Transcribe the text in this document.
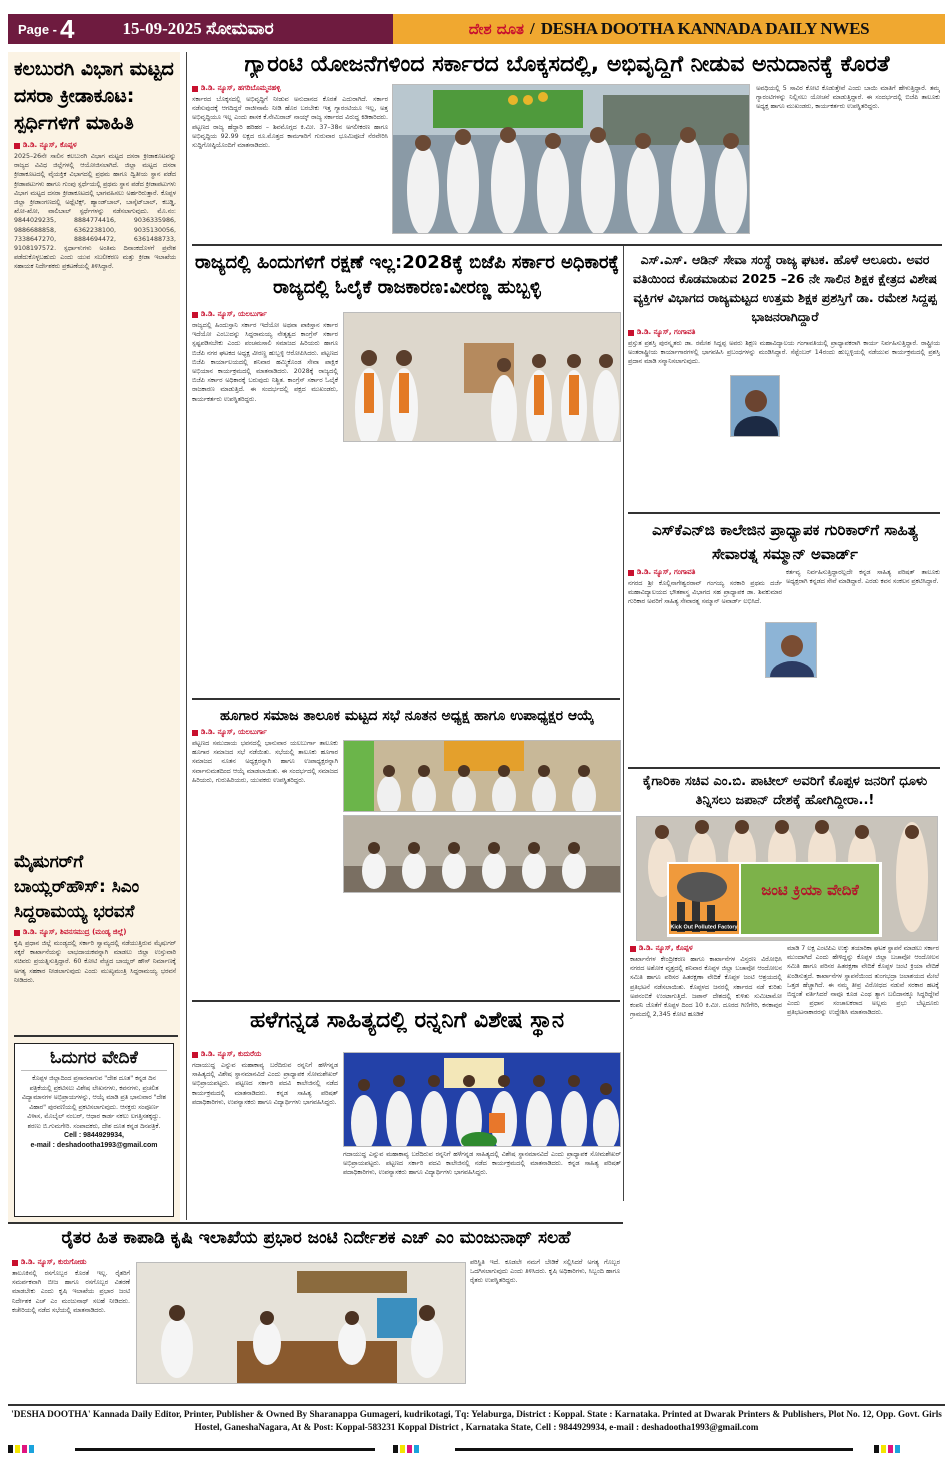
Page - 4	15-09-2025 ಸೋಮವಾರ	ದೇಶ ದೂತ / DESHA DOOTHA KANNADA DAILY NWES
ಕಲಬುರಗಿ ವಿಭಾಗ ಮಟ್ಟದ ದಸರಾ ಕ್ರೀಡಾಕೂಟ: ಸ್ಪರ್ಧಿಗಳಿಗೆ ಮಾಹಿತಿ
ಡಿ.ಡಿ. ನ್ಯೂಸ್, ಕೊಪ್ಪಳ
2025–26ನೇ ಸಾಲಿನ ಕಲಬುರಗಿ ವಿಭಾಗ ಮಟ್ಟದ ದಸರಾ ಕ್ರೀಡಾಕೂಟವನ್ನು ರಾಜ್ಯದ ವಿವಿಧ ಜಿಲ್ಲೆಗಳಲ್ಲಿ ಆಯೋಜಿಸಲಾಗಿದೆ. ಜಿಲ್ಲಾ ಮಟ್ಟದ ದಸರಾ ಕ್ರೀಡಾಕೂಟದಲ್ಲಿ ವೈಯಕ್ತಿಕ ವಿಭಾಗದಲ್ಲಿ ಪ್ರಥಮ ಹಾಗೂ ದ್ವಿತೀಯ ಸ್ಥಾನ ಪಡೆದ ಕ್ರೀಡಾಪಟುಗಳು ಹಾಗೂ ಗುಂಪು ಸ್ಪರ್ಧೆಯಲ್ಲಿ ಪ್ರಥಮ ಸ್ಥಾನ ಪಡೆದ ಕ್ರೀಡಾಪಟುಗಳು ವಿಭಾಗ ಮಟ್ಟದ ದಸರಾ ಕ್ರೀಡಾಕೂಟದಲ್ಲಿ ಭಾಗವಹಿಸಲು ಅರ್ಹರಿರುತ್ತಾರೆ. ಕೊಪ್ಪಳ ಜಿಲ್ಲಾ ಕ್ರೀಡಾಂಗಣದಲ್ಲಿ ಅಥ್ಲೆಟಿಕ್ಸ್, ಹ್ಯಾಂಡ್‌ಬಾಲ್, ಬಾಸ್ಕೆಟ್‌ಬಾಲ್, ಕಬಡ್ಡಿ, ಖೋ-ಖೋ, ವಾಲಿಬಾಲ್ ಸ್ಪರ್ಧೆಗಳನ್ನು ನಡೆಸಲಾಗುವುದು. ಮೊ.ನಂ: 9844029235, 8884774416, 9036335986, 9886688858, 6362238100, 9035130056, 7338647270, 8884694472, 6361488733, 9108197572. ಸ್ಪರ್ಧಾಳುಗಳು ಅಂತಿಮ ದಿನಾಂಕದೊಳಗೆ ಪ್ರವೇಶ ಪಡೆದುಕೊಳ್ಳಬಹುದು ಎಂದು ಯುವ ಸಬಲೀಕರಣ ಮತ್ತು ಕ್ರೀಡಾ ಇಲಾಖೆಯ ಸಹಾಯಕ ನಿರ್ದೇಶಕರು ಪ್ರಕಟಣೆಯಲ್ಲಿ ತಿಳಿಸಿದ್ದಾರೆ.
ಮೈಷುಗರ್‌ಗೆ ಬಾಯ್ಲರ್‌ಹೌಸ್: ಸಿಎಂ ಸಿದ್ದರಾಮಯ್ಯ ಭರವಸೆ
ಡಿ.ಡಿ. ನ್ಯೂಸ್, ಶಿವನಸಮುದ್ರ (ಮಂಡ್ಯ ಜಿಲ್ಲೆ)
ಕೃಷಿ ಪ್ರಧಾನ ಜಿಲ್ಲೆ ಮಂಡ್ಯದಲ್ಲಿ ಸರ್ಕಾರಿ ಸ್ವಾಮ್ಯದಲ್ಲಿ ನಡೆಯುತ್ತಿರುವ ಮೈಷುಗರ್ ಸಕ್ಕರೆ ಕಾರ್ಖಾನೆಯನ್ನು ಲಾಭದಾಯಕವನ್ನಾಗಿ ಮಾಡಲು ಜಿಲ್ಲಾ ಉಸ್ತುವಾರಿ ಸಚಿವರು ಪ್ರಯತ್ನಿಸುತ್ತಿದ್ದಾರೆ. 60 ಕೋಟಿ ವೆಚ್ಚದ ಬಾಯ್ಲರ್ ಹೌಸ್ ನಿರ್ಮಾಣಕ್ಕೆ ಅಗತ್ಯ ಸಹಕಾರ ನೀಡಲಾಗುವುದು ಎಂದು ಮುಖ್ಯಮಂತ್ರಿ ಸಿದ್ದರಾಮಯ್ಯ ಭರವಸೆ ನೀಡಿದರು.
ಓದುಗರ ವೇದಿಕೆ
ಕೊಪ್ಪಳ ಜಿಲ್ಲಾದಿಂದ ಪ್ರಸಾರವಾಗುವ "ದೇಶ ದೂತ" ಕನ್ನಡ ದಿನ ಪತ್ರಿಕೆಯಲ್ಲಿ ಪ್ರಕಟಿಸಲು ವಿಶೇಷ ಲೇಖನಗಳು, ಕವನಗಳು, ಪ್ರಚಲಿತ ವಿದ್ಯಾಮಾನಗಳ ಅಭಿಪ್ರಾಯಗಳನ್ನು, ಆಯ್ಕೆ ಮಾಡಿ ಪ್ರತಿ ಭಾನುವಾರ "ದೇಶ ವಿಹಾರ" ಪುರವಣಿಯಲ್ಲಿ ಪ್ರಕಟಿಸಲಾಗುವುದು. ಆಸಕ್ತರು ಸಂಪೂರ್ಣ ವಿಳಾಸ, ಮೊಬೈಲ್ ನಂಬರ್, ಆಧಾರ ಕಾರ್ಡ ನಕಲು ಲಗತ್ತಿಸತಕ್ಕದ್ದು. ಶರಣು ಬಿ.ಗುಮಗೇರಿ. ಸಂಪಾದಕರು, ದೇಶ ದೂತ ಕನ್ನಡ ದಿನಪತ್ರಿಕೆ.
Cell : 9844929934,
e-mail : deshadootha1993@gmail.com
ಗ್ಯಾರಂಟಿ ಯೋಜನೆಗಳಿಂದ ಸರ್ಕಾರದ ಬೊಕ್ಕಸದಲ್ಲಿ, ಅಭಿವೃದ್ಧಿಗೆ ನೀಡುವ ಅನುದಾನಕ್ಕೆ ಕೊರತೆ
ಡಿ.ಡಿ. ನ್ಯೂಸ್, ಹಗರಿಬೊಮ್ಮನಹಳ್ಳಿ
ಸರ್ಕಾರದ ಬೊಕ್ಕಸದಲ್ಲಿ ಅಭಿವೃದ್ಧಿಗೆ ನೀಡುವ ಅನುದಾನದ ಕೊರತೆ ಎದುರಾಗಿದೆ. ಸರ್ಕಾರ ನಡೆಸುವುದಕ್ಕೆ ಆಗದಿದ್ದರೆ ರಾಜೀನಾಮೆ ನೀಡಿ ಹೊರ ಬರಬೇಕು ಇತ್ತ ಗ್ಯಾರಂಟಿಯೂ ಇಲ್ಲ, ಅತ್ತ ಅಭಿವೃದ್ಧಿಯೂ ಇಲ್ಲ ಎಂದು ಶಾಸಕ ಕೆ.ನೇಮಿರಾಜ್ ನಾಯ್ಕ್ ರಾಜ್ಯ ಸರ್ಕಾರದ ವಿರುದ್ಧ ಕಿಡಿಕಾರಿದರು. ಪಟ್ಟಣದ ರಾಜ್ಯ ಹೆದ್ದಾರಿ ಹರಿಹರ – ಶಿವಮೊಗ್ಗದ ಕಿ.ಮೀ. 37–38ನ ಅಗಲೀಕರಣ ಹಾಗೂ ಅಭಿವೃದ್ಧಿಯ 92.99 ಲಕ್ಷದ ರೂ.ಮೊತ್ತದ ಕಾಮಗಾರಿಗೆ ಗುರುವಾರ ಭೂಮಿಪೂಜೆ ನೆರವೇರಿಸಿ ಸುದ್ದಿಗೋಷ್ಠಿಯೊಂದಿಗೆ ಮಾತನಾಡಿದರು.
ಅವಧಿಯಲ್ಲಿ 5 ಸಾವಿರ ಕೋಟಿ ಕೊಡುತ್ತೇವೆ ಎಂದು ಬಾಯಿ ಮಾತಿಗೆ ಹೇಳುತ್ತಿದ್ದಾರೆ. ತಮ್ಮ ಗ್ಯಾರಂಟಿಗಳನ್ನು ನಿಲ್ಲಿಸಲು ಯೋಚನೆ ಮಾಡುತ್ತಿದ್ದಾರೆ. ಈ ಸಂದರ್ಭದಲ್ಲಿ ಬಿಜೆಪಿ ತಾಲೂಕು ಅಧ್ಯಕ್ಷ ಹಾಗೂ ಮುಖಂಡರು, ಕಾರ್ಯಕರ್ತರು ಉಪಸ್ಥಿತರಿದ್ದರು.
ರಾಜ್ಯದಲ್ಲಿ ಹಿಂದುಗಳಿಗೆ ರಕ್ಷಣೆ ಇಲ್ಲ:2028ಕ್ಕೆ ಬಿಜೆಪಿ ಸರ್ಕಾರ ಅಧಿಕಾರಕ್ಕೆ ರಾಜ್ಯದಲ್ಲಿ ಓಲೈಕೆ ರಾಜಕಾರಣ:ವೀರಣ್ಣ ಹುಬ್ಬಳ್ಳಿ
ಡಿ.ಡಿ. ನ್ಯೂಸ್, ಯಲಬುರ್ಗಾ
ರಾಜ್ಯದಲ್ಲಿ ಹಿಂದುಸ್ತಾನಿ ಸರ್ಕಾರ ಇದೆಯೋ ಅಥವಾ ಪಾಕಿಸ್ತಾನ ಸರ್ಕಾರ ಇದೆಯೋ ಎಂಬುದನ್ನು ಸಿದ್ದರಾಮಯ್ಯ ನೇತೃತ್ವದ ಕಾಂಗ್ರೆಸ್ ಸರ್ಕಾರ ಸ್ಪಷ್ಟಪಡಿಸಬೇಕು ಎಂದು ಪಂಚಮಸಾಲಿ ಸಮಾಜದ ಹಿರಿಯರು ಹಾಗೂ ಬಿಜೆಪಿ ನಗರ ಘಟಕದ ಅಧ್ಯಕ್ಷ ವೀರಣ್ಣ ಹುಬ್ಬಳ್ಳಿ ಆರೋಪಿಸಿದರು. ಪಟ್ಟಣದ ಬಿಜೆಪಿ ಕಾರ್ಯಾಲಯದಲ್ಲಿ ಶನಿವಾರ ಹಮ್ಮಿಕೊಂಡ ಸೇವಾ ಪಾಕ್ಷಿಕ ಅಭಿಯಾನ ಕಾರ್ಯಕ್ರಮದಲ್ಲಿ ಮಾತನಾಡಿದರು. 2028ಕ್ಕೆ ರಾಜ್ಯದಲ್ಲಿ ಬಿಜೆಪಿ ಸರ್ಕಾರ ಅಧಿಕಾರಕ್ಕೆ ಬರುವುದು ನಿಶ್ಚಿತ. ಕಾಂಗ್ರೆಸ್ ಸರ್ಕಾರ ಓಲೈಕೆ ರಾಜಕಾರಣ ಮಾಡುತ್ತಿದೆ. ಈ ಸಂದರ್ಭದಲ್ಲಿ ಪಕ್ಷದ ಮುಖಂಡರು, ಕಾರ್ಯಕರ್ತರು ಉಪಸ್ಥಿತರಿದ್ದರು.
ಎಸ್.ಎಸ್. ಆಡಿನ್ ಸೇವಾ ಸಂಸ್ಥೆ ರಾಜ್ಯ ಘಟಕ. ಹೊಳೆ ಆಲೂರು. ಅವರ ವತಿಯಿಂದ ಕೊಡಮಾಡುವ 2025 –26 ನೇ ಸಾಲಿನ ಶಿಕ್ಷಕ ಕ್ಷೇತ್ರದ ವಿಶೇಷ ವ್ಯಕ್ತಿಗಳ ವಿಭಾಗದ ರಾಜ್ಯಮಟ್ಟದ ಉತ್ತಮ ಶಿಕ್ಷಕ ಪ್ರಶಸ್ತಿಗೆ ಡಾ. ರಮೇಶ ಸಿದ್ದಪ್ಪ ಭಾಜನರಾಗಿದ್ದಾರೆ
ಡಿ.ಡಿ. ನ್ಯೂಸ್, ಗಂಗಾವತಿ
ಪ್ರಸ್ತುತ ಪ್ರಶಸ್ತಿ ಪುರಸ್ಕೃತರು ಡಾ. ರಮೇಶ ಸಿದ್ದಪ್ಪ ಅವರು ಶಿಕ್ಷಣ ಮಹಾವಿದ್ಯಾಲಯ ಗಂಗಾವತಿಯಲ್ಲಿ ಪ್ರಾಧ್ಯಾಪಕರಾಗಿ ಕಾರ್ಯ ನಿರ್ವಹಿಸುತ್ತಿದ್ದಾರೆ. ರಾಷ್ಟ್ರೀಯ ಅಂತರಾಷ್ಟ್ರೀಯ ಕಾರ್ಯಾಗಾರಗಳಲ್ಲಿ ಭಾಗವಹಿಸಿ ಪ್ರಬಂಧಗಳನ್ನು ಮಂಡಿಸಿದ್ದಾರೆ. ಸೆಪ್ಟೆಂಬರ್ 14ರಂದು ಹುಬ್ಬಳ್ಳಿಯಲ್ಲಿ ನಡೆಯುವ ಕಾರ್ಯಕ್ರಮದಲ್ಲಿ ಪ್ರಶಸ್ತಿ ಪ್ರದಾನ ಮಾಡಿ ಸನ್ಮಾನಿಸಲಾಗುವುದು.
ಎಸ್‌ಕೆಎನ್‌ಜಿ ಕಾಲೇಜಿನ ಪ್ರಾಧ್ಯಾಪಕ ಗುರಿಕಾರ್‌ಗೆ ಸಾಹಿತ್ಯ ಸೇವಾರತ್ನ ಸಮ್ಮಾನ್ ಅವಾರ್ಡ್
ಡಿ.ಡಿ. ನ್ಯೂಸ್, ಗಂಗಾವತಿ
ನಗರದ ಶ್ರೀ ಕೊಲ್ಲಿನಾಗೇಶ್ವರರಾವ್ ಗಂಗಯ್ಯ ಸರಕಾರಿ ಪ್ರಥಮ ದರ್ಜೆ ಮಹಾವಿದ್ಯಾಲಯದ ಭೌತಶಾಸ್ತ್ರ ವಿಭಾಗದ ಸಹ ಪ್ರಾಧ್ಯಾಪಕ ಡಾ. ಶಿವಕುಮಾರ ಗುರಿಕಾರ ಅವರಿಗೆ ಸಾಹಿತ್ಯ ಸೇವಾರತ್ನ ಸಮ್ಮಾನ್ ಅವಾರ್ಡ್ ಲಭಿಸಿದೆ.
ಕರ್ತವ್ಯ ನಿರ್ವಹಿಸುತ್ತಿದ್ದಾರಲ್ಲದೇ ಕನ್ನಡ ಸಾಹಿತ್ಯ ಪರಿಷತ್ ತಾಲೂಕು ಅಧ್ಯಕ್ಷರಾಗಿ ಕನ್ನಡದ ಸೇವೆ ಮಾಡಿದ್ದಾರೆ. ಎರಡು ಕವನ ಸಂಕಲನ ಪ್ರಕಟಿಸಿದ್ದಾರೆ.
ಹೂಗಾರ ಸಮಾಜ ತಾಲೂಕ ಮಟ್ಟದ ಸಭೆ ನೂತನ ಅಧ್ಯಕ್ಷ ಹಾಗೂ ಉಪಾಧ್ಯಕ್ಷರ ಆಯ್ಕೆ
ಡಿ.ಡಿ. ನ್ಯೂಸ್, ಯಲಬುರ್ಗಾ
ಪಟ್ಟಣದ ಸಮುದಾಯ ಭವನದಲ್ಲಿ ಭಾನುವಾರ ಯಲಬುರ್ಗಾ ತಾಲೂಕು ಹೂಗಾರ ಸಮಾಜದ ಸಭೆ ನಡೆಯಿತು. ಸಭೆಯಲ್ಲಿ ತಾಲೂಕು ಹೂಗಾರ ಸಮಾಜದ ನೂತನ ಅಧ್ಯಕ್ಷರನ್ನಾಗಿ ಹಾಗೂ ಉಪಾಧ್ಯಕ್ಷರನ್ನಾಗಿ ಸರ್ವಾನುಮತದಿಂದ ಆಯ್ಕೆ ಮಾಡಲಾಯಿತು. ಈ ಸಂದರ್ಭದಲ್ಲಿ ಸಮಾಜದ ಹಿರಿಯರು, ಗುರುಹಿರಿಯರು, ಯುವಕರು ಉಪಸ್ಥಿತರಿದ್ದರು.	ಕೈಗಾರಿಕಾ ಸಚಿವ ಎಂ.ಬಿ. ಪಾಟೀಲ್ ಅವರಿಗೆ ಕೊಪ್ಪಳ ಜನರಿಗೆ ಧೂಳು ತಿನ್ನಿಸಲು ಜಪಾನ್ ದೇಶಕ್ಕೆ ಹೋಗಿದ್ದೀರಾ..!
ಜಂಟಿ ಕ್ರಿಯಾ ವೇದಿಕೆ
Kick Out Polluted Factory
ಡಿ.ಡಿ. ನ್ಯೂಸ್, ಕೊಪ್ಪಳ
ಕಾರ್ಖಾನೆಗಳ ಕೇಂದ್ರೀಕರಣ ಹಾಗೂ ಕಾರ್ಖಾನೆಗಳ ವಿಸ್ತರಣ ವಿರೋಧಿಸಿ ನಗರದ ಅಶೋಕ ವೃತ್ತದಲ್ಲಿ ಶನಿವಾರ ಕೊಪ್ಪಳ ಜಿಲ್ಲಾ ಬಚಾವೋ ಆಂದೋಲನ ಸಮಿತಿ ಹಾಗೂ ಪರಿಸರ ಹಿತರಕ್ಷಣಾ ವೇದಿಕೆ ಕೊಪ್ಪಳ ಜಂಟಿ ಆಶ್ರಯದಲ್ಲಿ ಪ್ರತಿಭಟನೆ ನಡೆಸಲಾಯಿತು. ಕೊಪ್ಪಳದ ಜನರಲ್ಲಿ ಸರ್ಕಾರದ ನಡೆ ಕುರಿತು ಅಪನಂಬಿಕೆ ಉಂಟಾಗುತ್ತಿದೆ. ಜಪಾನ್ ದೇಶದಲ್ಲಿ ಕುಳಿತು ಸುಮಿಟಾಮೋ ಕಂಪನಿ ಜೊತೆಗೆ ಕೊಪ್ಪಳ ದಿಂದ 10 ಕಿ.ಮೀ. ದೂರದ ಗಿಣಿಗೇರಿ, ಕನಕಾಪುರ ಗ್ರಾಮದಲ್ಲಿ 2,345 ಕೋಟಿ ಹೂಡಿಕೆ
ಮಾಡಿ 7 ಲಕ್ಷ ಎಂಟಿಪಿಎ ಉಕ್ಕು ತಯಾರಿಕಾ ಘಟಕ ಸ್ಥಾಪನೆ ಮಾಡಲು ಸರ್ಕಾರ ಮುಂದಾಗಿದೆ ಎಂದು ಹೇಳಿದ್ದನ್ನು ಕೊಪ್ಪಳ ಜಿಲ್ಲಾ ಬಚಾವೋ ಆಂದೋಲನ ಸಮಿತಿ ಹಾಗೂ ಪರಿಸರ ಹಿತರಕ್ಷಣಾ ವೇದಿಕೆ ಕೊಪ್ಪಳ ಜಂಟಿ ಕ್ರಿಯಾ ವೇದಿಕೆ ಖಂಡಿಸುತ್ತದೆ. ಕಾರ್ಖಾನೆಗಳ ಸ್ಥಾಪನೆಯಿಂದ ತುಂಗಭದ್ರಾ ಜಲಾಶಯದ ಮೇಲೆ ಒತ್ತಡ ಹೆಚ್ಚಾಗಿದೆ. ಈ ನಮ್ಮ ತೀವ್ರ ವಿರೋಧದ ನಡುವೆ ಸರಕಾರ ಹಟಕ್ಕೆ ಬಿದ್ದಂತೆ ವರ್ತಿಸಿದರೆ ನಾವೂ ಕೂಡ ಎಂಥ ತ್ಯಾಗ ಬಲಿದಾನಕ್ಕೂ ಸಿದ್ಧರಿದ್ದೇವೆ ಎಂದು ಪ್ರಧಾನ ಸಂಚಾಲಕರಾದ ಅಲ್ಲಮ ಪ್ರಭು ಬೆಟ್ಟದೂರು ಪ್ರತಿಭಟನಾಕಾರರನ್ನು ಉದ್ದೇಶಿಸಿ ಮಾತನಾಡಿದರು.
ಹಳೆಗನ್ನಡ ಸಾಹಿತ್ಯದಲ್ಲಿ ರನ್ನನಿಗೆ ವಿಶೇಷ ಸ್ಥಾನ
ಡಿ.ಡಿ. ನ್ಯೂಸ್, ಕುದುರೆಯ
ಗದಾಯುದ್ಧ ಎನ್ನುವ ಮಹಾಕಾವ್ಯ ಬರೆದಿರುವ ರನ್ನನಿಗೆ ಹಳೆಗನ್ನಡ ಸಾಹಿತ್ಯದಲ್ಲಿ ವಿಶೇಷ ಸ್ಥಾನಮಾನವಿದೆ ಎಂದು ಪ್ರಾಧ್ಯಾಪಕ ಸೋಮಶೇಖರ್ ಅಭಿಪ್ರಾಯಪಟ್ಟರು. ಪಟ್ಟಣದ ಸರ್ಕಾರಿ ಪದವಿ ಕಾಲೇಜಿನಲ್ಲಿ ನಡೆದ ಕಾರ್ಯಕ್ರಮದಲ್ಲಿ ಮಾತನಾಡಿದರು. ಕನ್ನಡ ಸಾಹಿತ್ಯ ಪರಿಷತ್ ಪದಾಧಿಕಾರಿಗಳು, ಉಪನ್ಯಾಸಕರು ಹಾಗೂ ವಿದ್ಯಾರ್ಥಿಗಳು ಭಾಗವಹಿಸಿದ್ದರು.
ಗದಾಯುದ್ಧ ಎನ್ನುವ ಮಹಾಕಾವ್ಯ ಬರೆದಿರುವ ರನ್ನನಿಗೆ ಹಳೆಗನ್ನಡ ಸಾಹಿತ್ಯದಲ್ಲಿ ವಿಶೇಷ ಸ್ಥಾನಮಾನವಿದೆ ಎಂದು ಪ್ರಾಧ್ಯಾಪಕ ಸೋಮಶೇಖರ್ ಅಭಿಪ್ರಾಯಪಟ್ಟರು. ಪಟ್ಟಣದ ಸರ್ಕಾರಿ ಪದವಿ ಕಾಲೇಜಿನಲ್ಲಿ ನಡೆದ ಕಾರ್ಯಕ್ರಮದಲ್ಲಿ ಮಾತನಾಡಿದರು. ಕನ್ನಡ ಸಾಹಿತ್ಯ ಪರಿಷತ್ ಪದಾಧಿಕಾರಿಗಳು, ಉಪನ್ಯಾಸಕರು ಹಾಗೂ ವಿದ್ಯಾರ್ಥಿಗಳು ಭಾಗವಹಿಸಿದ್ದರು.
ರೈತರ ಹಿತ ಕಾಪಾಡಿ ಕೃಷಿ ಇಲಾಖೆಯ ಪ್ರಭಾರ ಜಂಟಿ ನಿರ್ದೇಶಕ ಎಚ್ ಎಂ ಮಂಜುನಾಥ್ ಸಲಹೆ
ಡಿ.ಡಿ. ನ್ಯೂಸ್, ಕುರುಗೋಡು
ತಾಲೂಕಿನಲ್ಲಿ ರಸಗೊಬ್ಬರ ಕೊರತೆ ಇಲ್ಲ. ರೈತರಿಗೆ ಸಮರ್ಪಕವಾಗಿ ಬೀಜ ಹಾಗೂ ರಸಗೊಬ್ಬರ ವಿತರಣೆ ಮಾಡಬೇಕು ಎಂದು ಕೃಷಿ ಇಲಾಖೆಯ ಪ್ರಭಾರ ಜಂಟಿ ನಿರ್ದೇಶಕ ಎಚ್ ಎಂ ಮಂಜುನಾಥ್ ಸಲಹೆ ನೀಡಿದರು. ಕಚೇರಿಯಲ್ಲಿ ನಡೆದ ಸಭೆಯಲ್ಲಿ ಮಾತನಾಡಿದರು.
ಪರಿಸ್ಥಿತಿ ಇದೆ. ಕೂಡಲೇ ನಮಗೆ ಬೇಡಿಕೆ ಸಲ್ಲಿಸಿದರೆ ಅಗತ್ಯ ಗೊಬ್ಬರ ಒದಗಿಸಲಾಗುವುದು ಎಂದು ತಿಳಿಸಿದರು. ಕೃಷಿ ಅಧಿಕಾರಿಗಳು, ಸಿಬ್ಬಂದಿ ಹಾಗೂ ರೈತರು ಉಪಸ್ಥಿತರಿದ್ದರು.
'DESHA DOOTHA' Kannada Daily Editor, Printer, Publisher & Owned By Sharanappa Gumageri, kudrikotagi, Tq: Yelaburga, District : Koppal. State : Karnataka. Printed at Dwarak Printers & Publishers, Plot No. 12, Opp. Govt. Girls Hostel, GaneshaNagara, At & Post: Koppal-583231 Koppal District , Karnataka State, Cell : 9844929934, e-mail : deshadootha1993@gmail.com
